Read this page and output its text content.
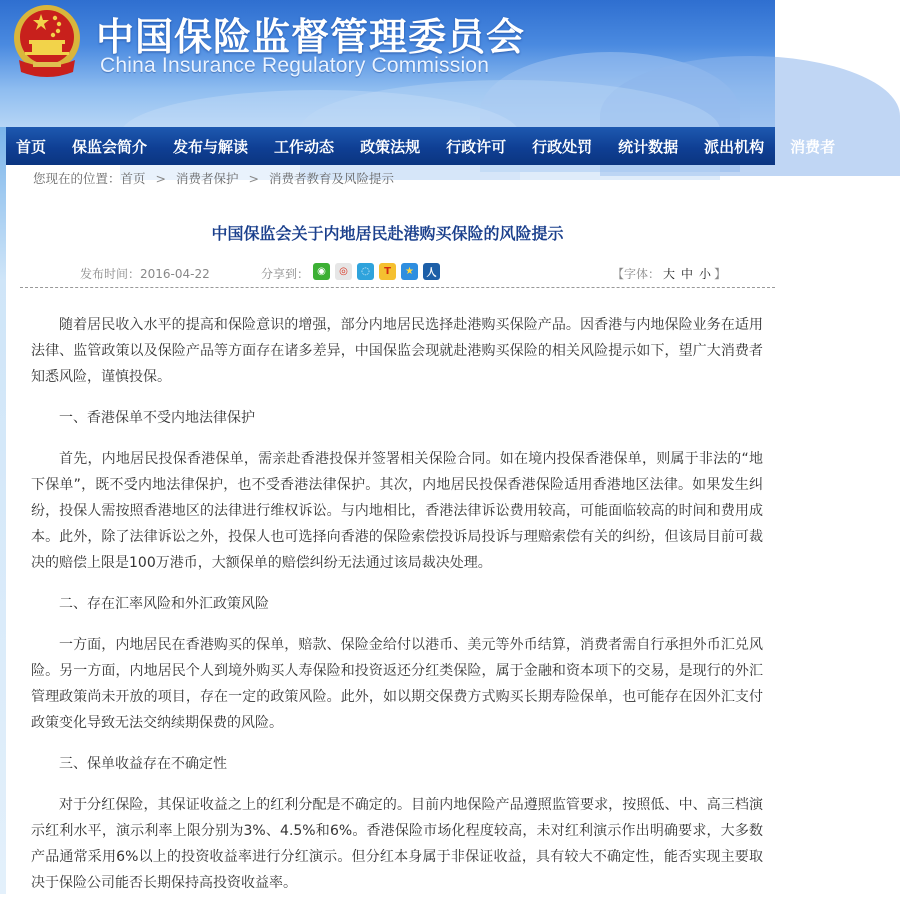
中国保险监督管理委员会
China Insurance Regulatory Commission
首页 保监会简介 发布与解读 工作动态 政策法规 行政许可 行政处罚 统计数据 派出机构 消费者
您现在的位置：首页 > 消费者保护 > 消费者教育及风险提示
中国保监会关于内地居民赴港购买保险的风险提示
发布时间：2016-04-22	分享到： ◉	◎	◌	T	★	人	【字体： 大 中 小 】

随着居民收入水平的提高和保险意识的增强，部分内地居民选择赴港购买保险产品。因香港与内地保险业务在适用法律、监管政策以及保险产品等方面存在诸多差异，中国保监会现就赴港购买保险的相关风险提示如下，望广大消费者知悉风险，谨慎投保。

一、香港保单不受内地法律保护

首先，内地居民投保香港保单，需亲赴香港投保并签署相关保险合同。如在境内投保香港保单，则属于非法的“地下保单”，既不受内地法律保护，也不受香港法律保护。其次，内地居民投保香港保险适用香港地区法律。如果发生纠纷，投保人需按照香港地区的法律进行维权诉讼。与内地相比，香港法律诉讼费用较高，可能面临较高的时间和费用成本。此外，除了法律诉讼之外，投保人也可选择向香港的保险索偿投诉局投诉与理赔索偿有关的纠纷，但该局目前可裁决的赔偿上限是100万港币，大额保单的赔偿纠纷无法通过该局裁决处理。

二、存在汇率风险和外汇政策风险

一方面，内地居民在香港购买的保单，赔款、保险金给付以港币、美元等外币结算，消费者需自行承担外币汇兑风险。另一方面，内地居民个人到境外购买人寿保险和投资返还分红类保险，属于金融和资本项下的交易，是现行的外汇管理政策尚未开放的项目，存在一定的政策风险。此外，如以期交保费方式购买长期寿险保单，也可能存在因外汇支付政策变化导致无法交纳续期保费的风险。

三、保单收益存在不确定性

对于分红保险，其保证收益之上的红利分配是不确定的。目前内地保险产品遵照监管要求，按照低、中、高三档演示红利水平，演示利率上限分别为3%、4.5%和6%。香港保险市场化程度较高，未对红利演示作出明确要求，大多数产品通常采用6%以上的投资收益率进行分红演示。但分红本身属于非保证收益，具有较大不确定性，能否实现主要取决于保险公司能否长期保持高投资收益率。
